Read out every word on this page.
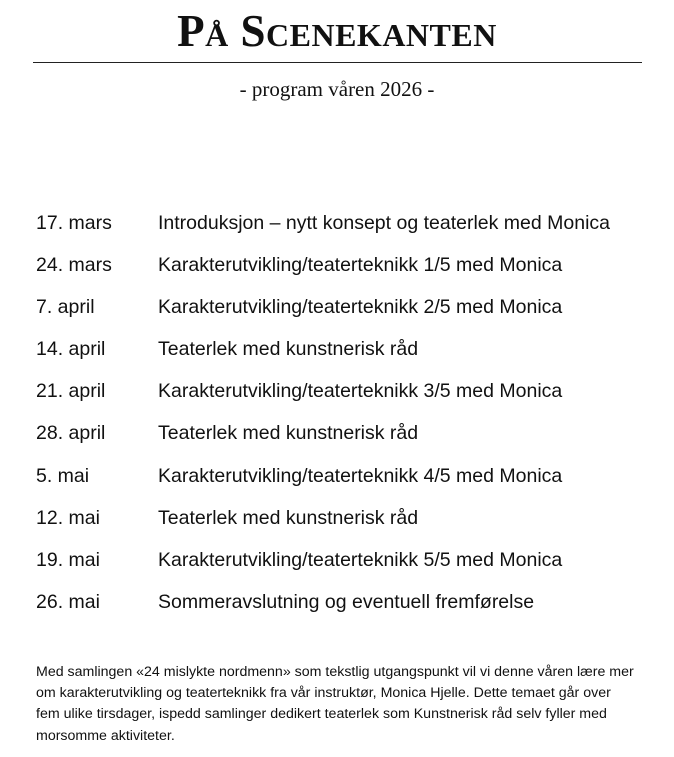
På Scenekanten
- program våren 2026 -
17. mars	Introduksjon – nytt konsept og teaterlek med Monica
24. mars	Karakterutvikling/teaterteknikk 1/5 med Monica
7. april	Karakterutvikling/teaterteknikk 2/5 med Monica
14. april	Teaterlek med kunstnerisk råd
21. april	Karakterutvikling/teaterteknikk 3/5 med Monica
28. april	Teaterlek med kunstnerisk råd
5. mai	Karakterutvikling/teaterteknikk 4/5 med Monica
12. mai	Teaterlek med kunstnerisk råd
19. mai	Karakterutvikling/teaterteknikk 5/5 med Monica
26. mai	Sommeravslutning og eventuell fremførelse

Med samlingen «24 mislykte nordmenn» som tekstlig utgangspunkt vil vi denne våren lære mer om karakterutvikling og teaterteknikk fra vår instruktør, Monica Hjelle. Dette temaet går over fem ulike tirsdager, ispedd samlinger dedikert teaterlek som Kunstnerisk råd selv fyller med morsomme aktiviteter.
